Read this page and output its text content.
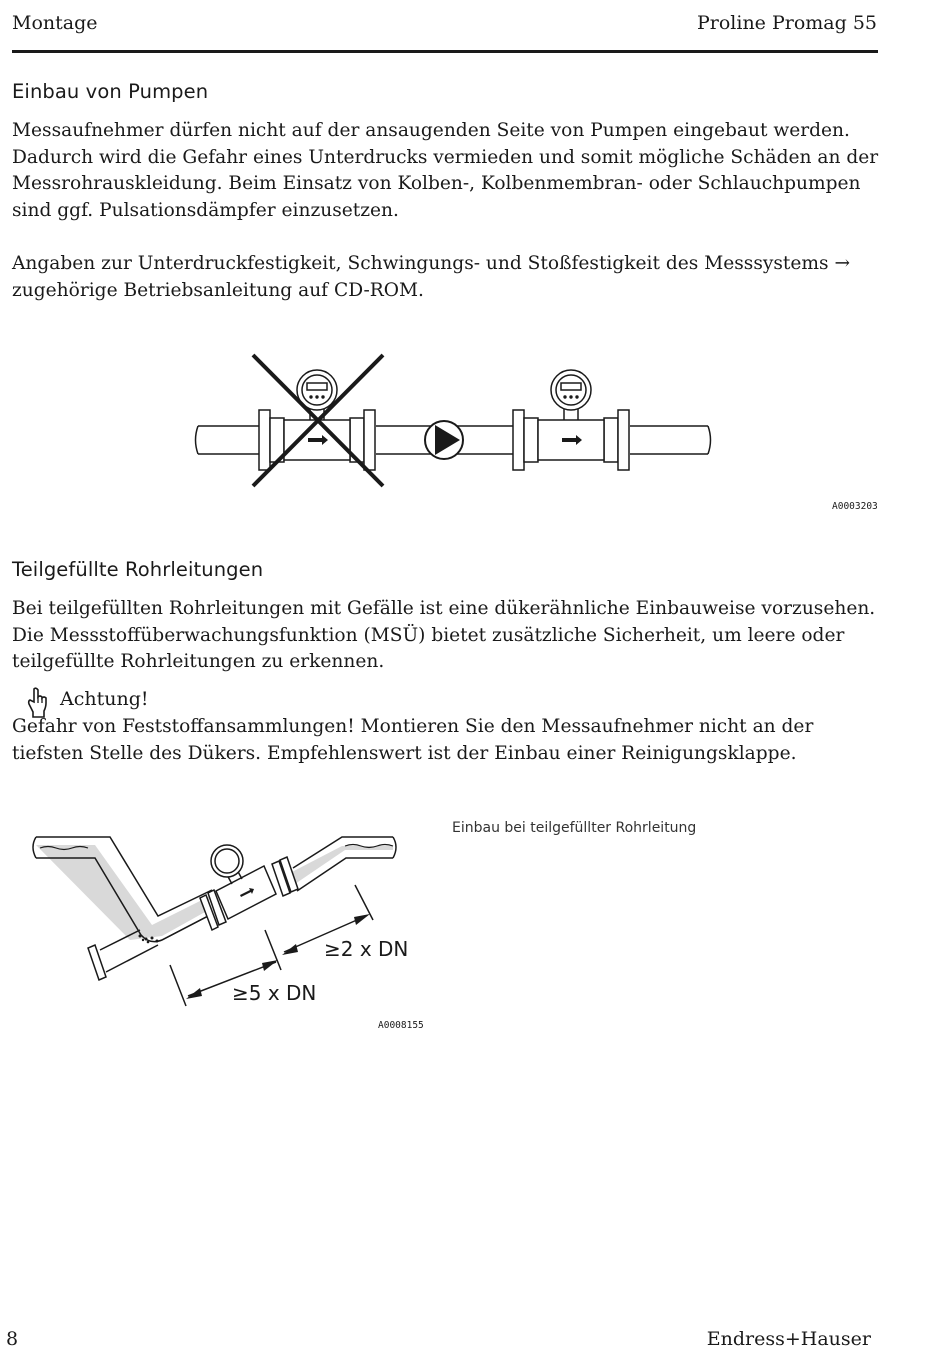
Montage	Proline Promag 55
Einbau von Pumpen

Messaufnehmer dürfen nicht auf der ansaugenden Seite von Pumpen eingebaut werden. Dadurch wird die Gefahr eines Unterdrucks vermieden und somit mögliche Schäden an der Messrohrauskleidung. Beim Einsatz von Kolben-, Kolbenmembran- oder Schlauchpumpen sind ggf. Pulsationsdämpfer einzusetzen.

Angaben zur Unterdruckfestigkeit, Schwingungs- und Stoßfestigkeit des Messsystems → zugehörige Betriebsanleitung auf CD-ROM.

A0003203
Teilgefüllte Rohrleitungen

Bei teilgefüllten Rohrleitungen mit Gefälle ist eine dükerähnliche Einbauweise vorzusehen. Die Messstoffüberwachungsfunktion (MSÜ) bietet zusätzliche Sicherheit, um leere oder teilgefüllte Rohrleitungen zu erkennen.

Achtung!

Gefahr von Feststoffansammlungen! Montieren Sie den Messaufnehmer nicht an der tiefsten Stelle des Dükers. Empfehlenswert ist der Einbau einer Reinigungsklappe.

≥5 x DN
≥2 x DN
Einbau bei teilgefüllter Rohrleitung
A0008155
8	Endress+Hauser
